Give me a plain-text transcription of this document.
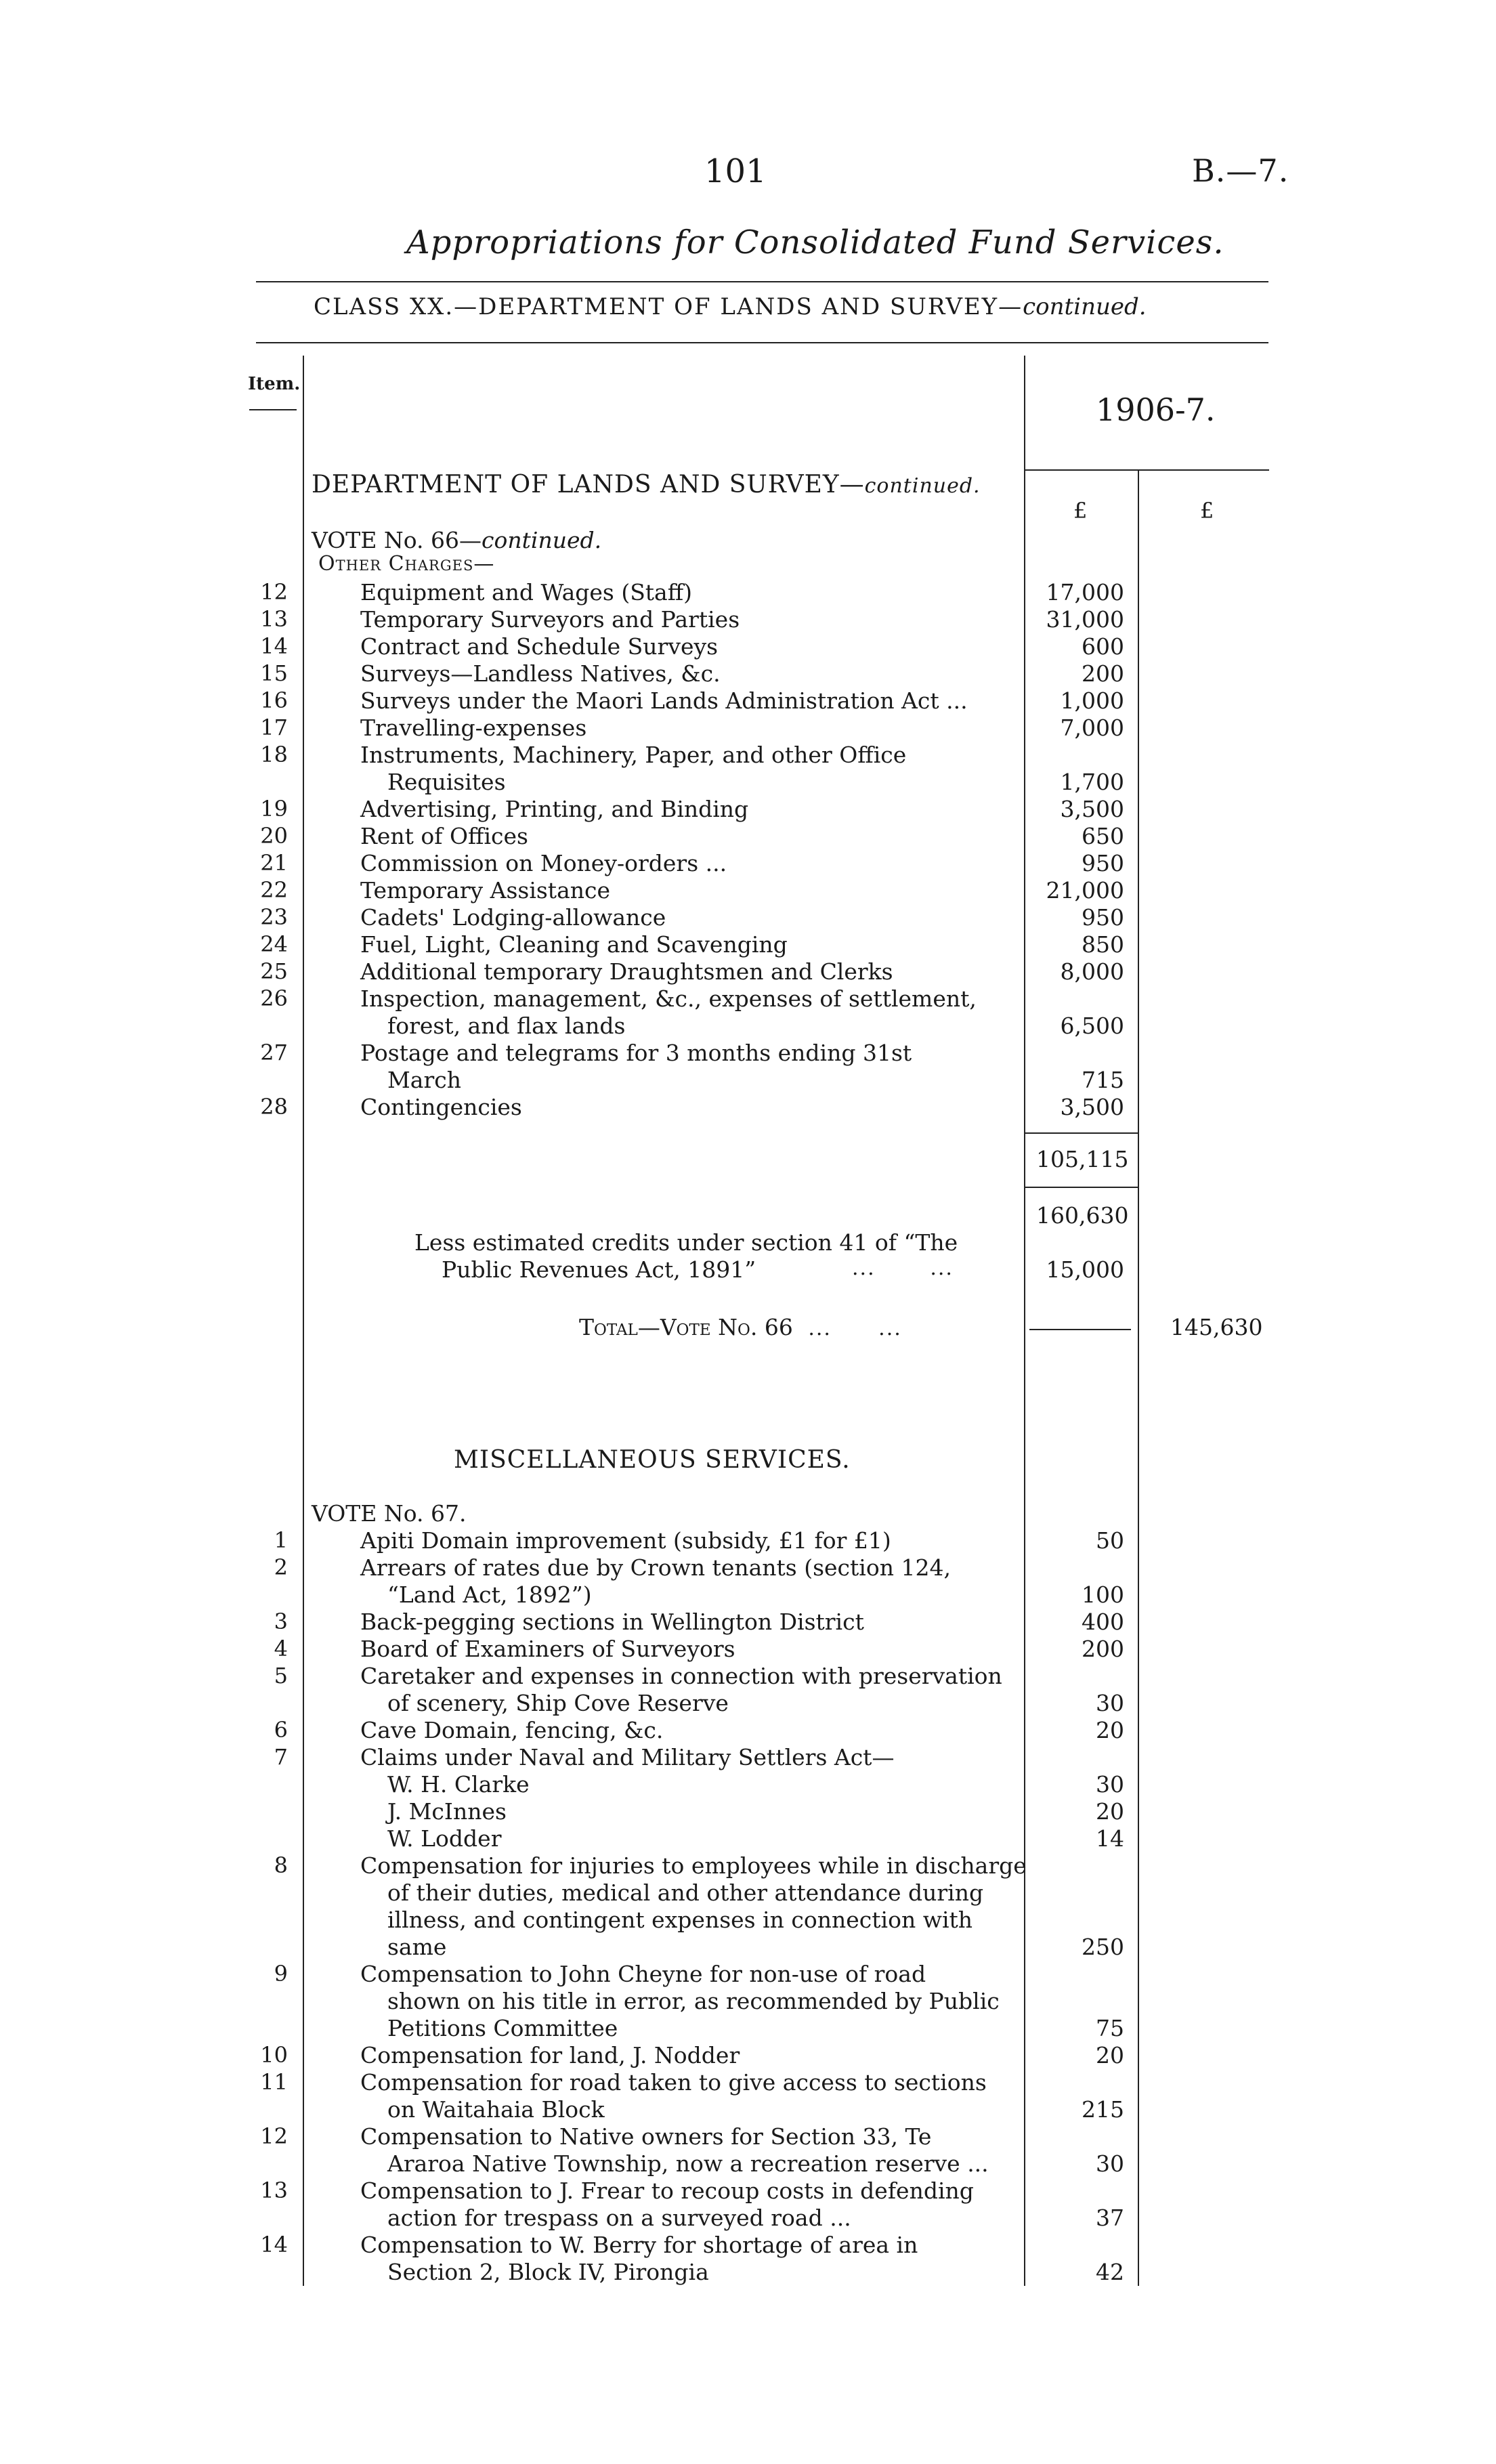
101	B.—7.
Appropriations for Consolidated Fund Services.
CLASS XX.—DEPARTMENT OF LANDS AND SURVEY—continued.
Item.
1906-7.
£	£
DEPARTMENT OF LANDS AND SURVEY—continued.
VOTE No. 66—continued.
Other Charges—
12	Equipment and Wages (Staff)	17,000
13	Temporary Surveyors and Parties	31,000
14	Contract and Schedule Surveys	600
15	Surveys—Landless Natives, &c.	200
16	Surveys under the Maori Lands Administration Act ...	1,000
17	Travelling-expenses	7,000
18	Instruments, Machinery, Paper, and other Office
Requisites	1,700
19	Advertising, Printing, and Binding	3,500
20	Rent of Offices	650
21	Commission on Money-orders ...	950
22	Temporary Assistance	21,000
23	Cadets' Lodging-allowance	950
24	Fuel, Light, Cleaning and Scavenging	850
25	Additional temporary Draughtsmen and Clerks	8,000
26	Inspection, management, &c., expenses of settlement,
forest, and flax lands	6,500
27	Postage and telegrams for 3 months ending 31st
March	715
28	Contingencies	3,500
105,115
160,630
Less estimated credits under section 41 of “The
Public Revenues Act, 1891”	...       ...	15,000
Total—Vote No. 66 ...      ...	145,630
MISCELLANEOUS SERVICES.
VOTE No. 67.
1	Apiti Domain improvement (subsidy, £1 for £1)	50
2	Arrears of rates due by Crown tenants (section 124,
“Land Act, 1892”)	100
3	Back-pegging sections in Wellington District	400
4	Board of Examiners of Surveyors	200
5	Caretaker and expenses in connection with preservation
of scenery, Ship Cove Reserve	30
6	Cave Domain, fencing, &c.	20
7	Claims under Naval and Military Settlers Act—
W. H. Clarke	30
J. McInnes	20
W. Lodder	14
8	Compensation for injuries to employees while in discharge
of their duties, medical and other attendance during
illness, and contingent expenses in connection with
same	250
9	Compensation to John Cheyne for non-use of road
shown on his title in error, as recommended by Public
Petitions Committee	75
10	Compensation for land, J. Nodder	20
11	Compensation for road taken to give access to sections
on Waitahaia Block	215
12	Compensation to Native owners for Section 33, Te
Araroa Native Township, now a recreation reserve ...	30
13	Compensation to J. Frear to recoup costs in defending
action for trespass on a surveyed road ...	37
14	Compensation to W. Berry for shortage of area in
Section 2, Block IV, Pirongia	42
